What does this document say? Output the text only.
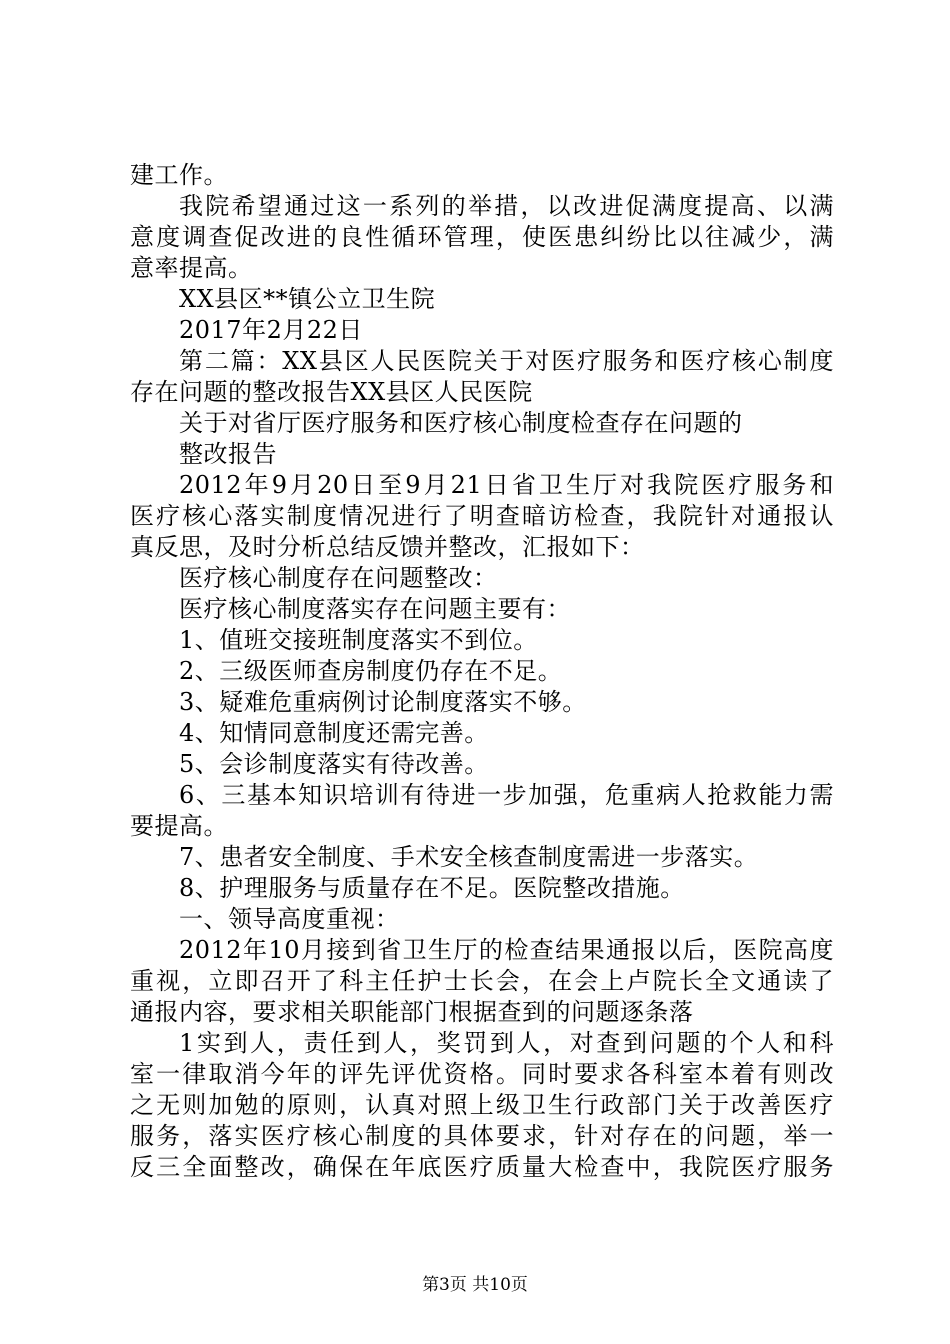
建工作。
我院希望通过这一系列的举措，以改进促满度提高、以满
意度调查促改进的良性循环管理，使医患纠纷比以往减少，满
意率提高。
XX县区**镇公立卫生院
2017年2月22日
第二篇：XX县区人民医院关于对医疗服务和医疗核心制度
存在问题的整改报告XX县区人民医院
关于对省厅医疗服务和医疗核心制度检查存在问题的
整改报告
2012年9月20日至9月21日省卫生厅对我院医疗服务和
医疗核心落实制度情况进行了明查暗访检查，我院针对通报认
真反思，及时分析总结反馈并整改，汇报如下：
医疗核心制度存在问题整改：
医疗核心制度落实存在问题主要有：
1、值班交接班制度落实不到位。
2、三级医师查房制度仍存在不足。
3、疑难危重病例讨论制度落实不够。
4、知情同意制度还需完善。
5、会诊制度落实有待改善。
6、三基本知识培训有待进一步加强，危重病人抢救能力需
要提高。
7、患者安全制度、手术安全核查制度需进一步落实。
8、护理服务与质量存在不足。医院整改措施。
一、领导高度重视：
2012年10月接到省卫生厅的检查结果通报以后，医院高度
重视，立即召开了科主任护士长会，在会上卢院长全文通读了
通报内容，要求相关职能部门根据查到的问题逐条落
1实到人，责任到人，奖罚到人，对查到问题的个人和科
室一律取消今年的评先评优资格。同时要求各科室本着有则改
之无则加勉的原则，认真对照上级卫生行政部门关于改善医疗
服务，落实医疗核心制度的具体要求，针对存在的问题，举一
反三全面整改，确保在年底医疗质量大检查中，我院医疗服务
第3页 共10页
